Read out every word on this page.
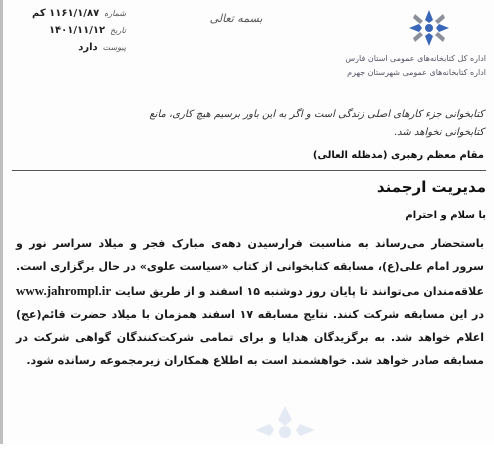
شماره
۱۱۶۱/۱/۸۷ کم
تاریخ
۱۴۰۱/۱۱/۱۲
پیوست
دارد
بسمه تعالی
اداره کل کتابخانه‌های عمومی استان فارس
اداره کتابخانه‌های عمومی شهرستان جهرم
کتابخوانی جزء کارهای اصلی زندگی است و اگر به این باور برسیم هیچ کاری، مانع کتابخوانی نخواهد شد.
مقام معظم رهبری (مدظله العالی)
مدیریت ارجمند
با سلام و احترام
باستحضار می‌رساند به مناسبت فرارسیدن دهه‌ی مبارک فجر و میلاد سراسر نور و سرور امام علی(ع)، مسابقه کتابخوانی از کتاب «سیاست علوی» در حال برگزاری است. علاقه‌مندان می‌توانند تا پایان روز دوشنبه ۱۵ اسفند و از طریق سایت www.jahrompl.ir در این مسابقه شرکت کنند. نتایج مسابقه ۱۷ اسفند همزمان با میلاد حضرت قائم(عج) اعلام خواهد شد. به برگزیدگان هدایا و برای تمامی شرکت‌کنندگان گواهی شرکت در مسابقه صادر خواهد شد. خواهشمند است به اطلاع همکاران زیرمجموعه رسانده شود.
